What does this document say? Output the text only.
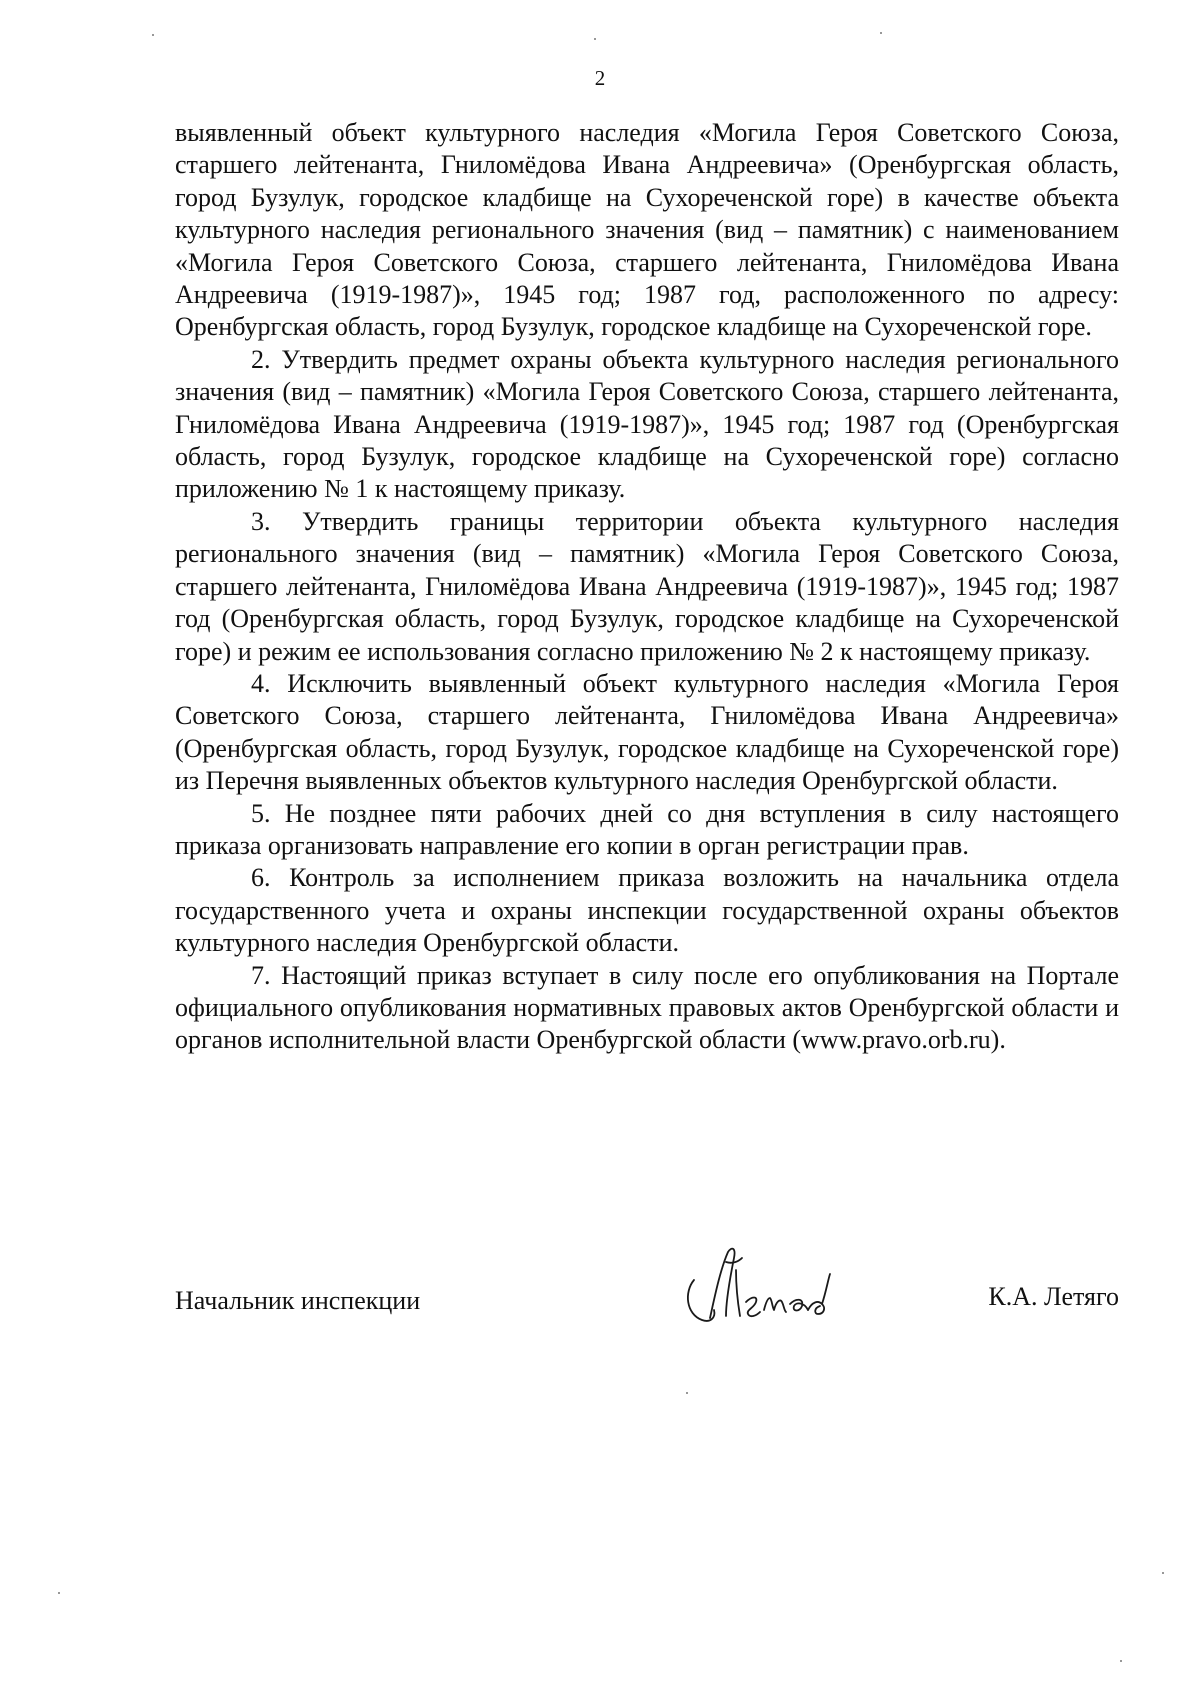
2

выявленный объект культурного наследия «Могила Героя Советского Союза, старшего лейтенанта, Гниломёдова Ивана Андреевича» (Оренбургская область, город Бузулук, городское кладбище на Сухореченской горе) в качестве объекта культурного наследия регионального значения (вид – памятник) с наименованием «Могила Героя Советского Союза, старшего лейтенанта, Гниломёдова Ивана Андреевича (1919-1987)», 1945 год; 1987 год, расположенного по адресу: Оренбургская область, город Бузулук, городское кладбище на Сухореченской горе.

2. Утвердить предмет охраны объекта культурного наследия регионального значения (вид – памятник) «Могила Героя Советского Союза, старшего лейтенанта, Гниломёдова Ивана Андреевича (1919-1987)», 1945 год; 1987 год (Оренбургская область, город Бузулук, городское кладбище на Сухореченской горе) согласно приложению № 1 к настоящему приказу.

3. Утвердить границы территории объекта культурного наследия регионального значения (вид – памятник) «Могила Героя Советского Союза, старшего лейтенанта, Гниломёдова Ивана Андреевича (1919-1987)», 1945 год; 1987 год (Оренбургская область, город Бузулук, городское кладбище на Сухореченской горе) и режим ее использования согласно приложению № 2 к настоящему приказу.

4. Исключить выявленный объект культурного наследия «Могила Героя Советского Союза, старшего лейтенанта, Гниломёдова Ивана Андреевича» (Оренбургская область, город Бузулук, городское кладбище на Сухореченской горе) из Перечня выявленных объектов культурного наследия Оренбургской области.

5. Не позднее пяти рабочих дней со дня вступления в силу настоящего приказа организовать направление его копии в орган регистрации прав.

6. Контроль за исполнением приказа возложить на начальника отдела государственного учета и охраны инспекции государственной охраны объектов культурного наследия Оренбургской области.

7. Настоящий приказ вступает в силу после его опубликования на Портале официального опубликования нормативных правовых актов Оренбургской области и органов исполнительной власти Оренбургской области (www.pravo.orb.ru).

Начальник инспекции	К.А. Летяго
